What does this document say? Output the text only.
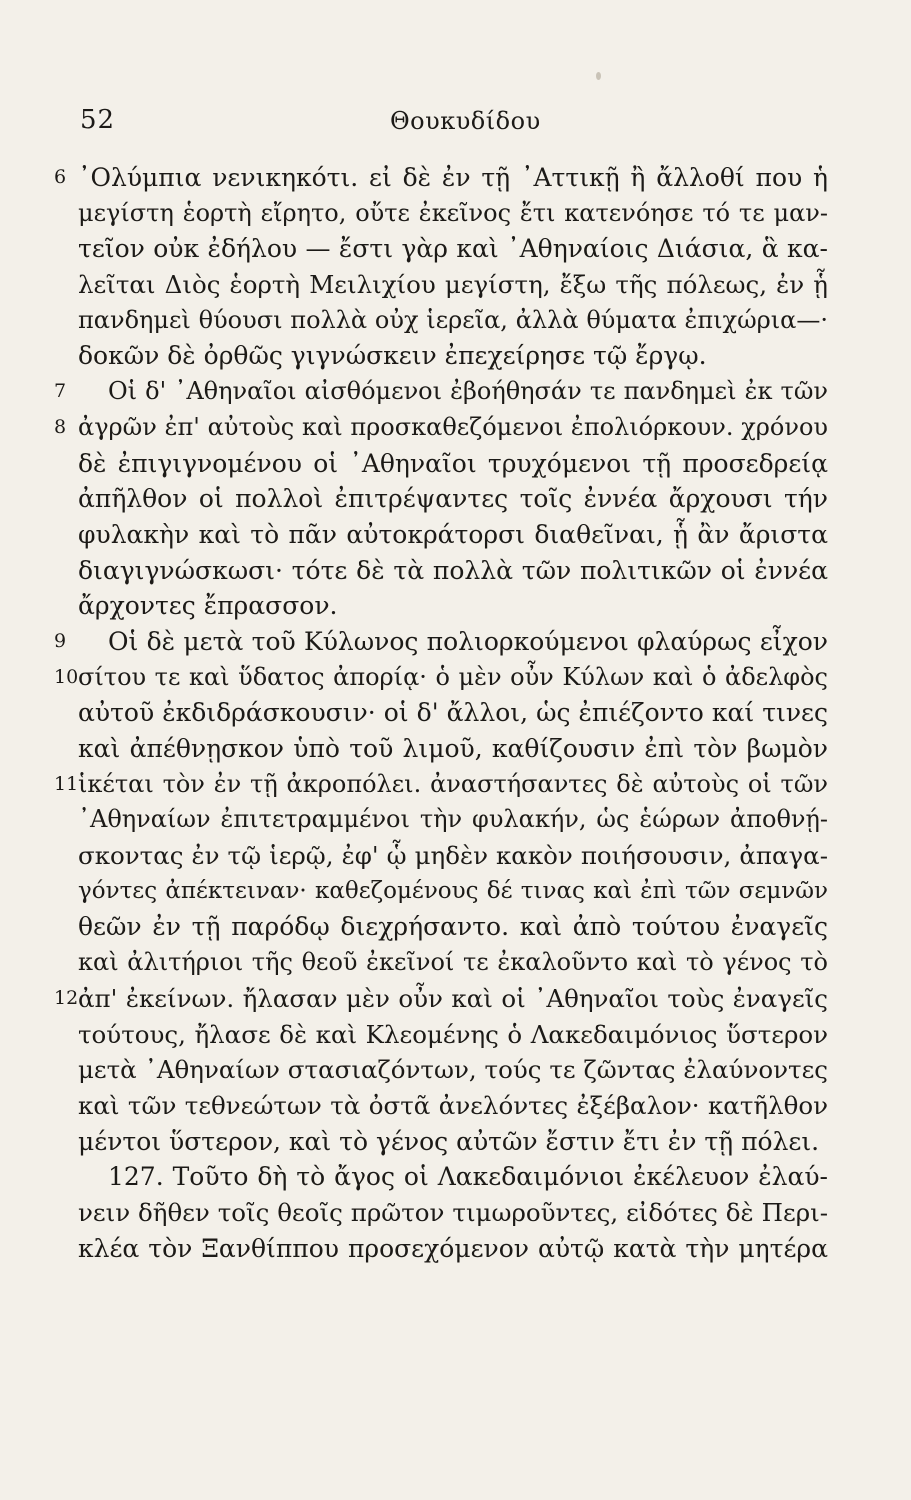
52	Θουκυδίδου
6 ᾿Ολύμπια νενικηκότι. εἰ δὲ ἐν τῇ ᾿Αττικῇ ἢ ἄλλοθί που ἡ
μεγίστη ἑορτὴ εἴρητο, οὔτε ἐκεῖνος ἔτι κατενόησε τό τε μαν-
τεῖον οὐκ ἐδήλου — ἔστι γὰρ καὶ ᾿Αθηναίοις Διάσια, ἃ κα-
λεῖται Διὸς ἑορτὴ Μειλιχίου μεγίστη, ἔξω τῆς πόλεως, ἐν ᾗ
πανδημεὶ θύουσι πολλὰ οὐχ ἱερεῖα, ἀλλὰ θύματα ἐπιχώρια—·
δοκῶν δὲ ὀρθῶς γιγνώσκειν ἐπεχείρησε τῷ ἔργῳ.
7	Οἱ δ' ᾿Αθηναῖοι αἰσθόμενοι ἐβοήθησάν τε πανδημεὶ ἐκ τῶν
8 ἀγρῶν ἐπ' αὐτοὺς καὶ προσκαθεζόμενοι ἐπολιόρκουν. χρόνου
δὲ ἐπιγιγνομένου οἱ ᾿Αθηναῖοι τρυχόμενοι τῇ προσεδρείᾳ
ἀπῆλθον οἱ πολλοὶ ἐπιτρέψαντες τοῖς ἐννέα ἄρχουσι τήν
φυλακὴν καὶ τὸ πᾶν αὐτοκράτορσι διαθεῖναι, ᾗ ἂν ἄριστα
διαγιγνώσκωσι· τότε δὲ τὰ πολλὰ τῶν πολιτικῶν οἱ ἐννέα
ἄρχοντες ἔπρασσον.
9	Οἱ δὲ μετὰ τοῦ Κύλωνος πολιορκούμενοι φλαύρως εἶχον
10 σίτου τε καὶ ὕδατος ἀπορίᾳ· ὁ μὲν οὖν Κύλων καὶ ὁ ἀδελφὸς
αὐτοῦ ἐκδιδράσκουσιν· οἱ δ' ἄλλοι, ὡς ἐπιέζοντο καί τινες
καὶ ἀπέθνῃσκον ὑπὸ τοῦ λιμοῦ, καθίζουσιν ἐπὶ τὸν βωμὸν
11 ἱκέται τὸν ἐν τῇ ἀκροπόλει. ἀναστήσαντες δὲ αὐτοὺς οἱ τῶν
᾿Αθηναίων ἐπιτετραμμένοι τὴν φυλακήν, ὡς ἑώρων ἀποθνῄ-
σκοντας ἐν τῷ ἱερῷ, ἐφ' ᾧ μηδὲν κακὸν ποιήσουσιν, ἀπαγα-
γόντες ἀπέκτειναν· καθεζομένους δέ τινας καὶ ἐπὶ τῶν σεμνῶν
θεῶν ἐν τῇ παρόδῳ διεχρήσαντο. καὶ ἀπὸ τούτου ἐναγεῖς
καὶ ἀλιτήριοι τῆς θεοῦ ἐκεῖνοί τε ἐκαλοῦντο καὶ τὸ γένος τὸ
12 ἀπ' ἐκείνων. ἤλασαν μὲν οὖν καὶ οἱ ᾿Αθηναῖοι τοὺς ἐναγεῖς
τούτους, ἤλασε δὲ καὶ Κλεομένης ὁ Λακεδαιμόνιος ὕστερον
μετὰ ᾿Αθηναίων στασιαζόντων, τούς τε ζῶντας ἐλαύνοντες
καὶ τῶν τεθνεώτων τὰ ὀστᾶ ἀνελόντες ἐξέβαλον· κατῆλθον
μέντοι ὕστερον, καὶ τὸ γένος αὐτῶν ἔστιν ἔτι ἐν τῇ πόλει.
127. Τοῦτο δὴ τὸ ἄγος οἱ Λακεδαιμόνιοι ἐκέλευον ἐλαύ-
νειν δῆθεν τοῖς θεοῖς πρῶτον τιμωροῦντες, εἰδότες δὲ Περι-
κλέα τὸν Ξανθίππου προσεχόμενον αὐτῷ κατὰ τὴν μητέρα
